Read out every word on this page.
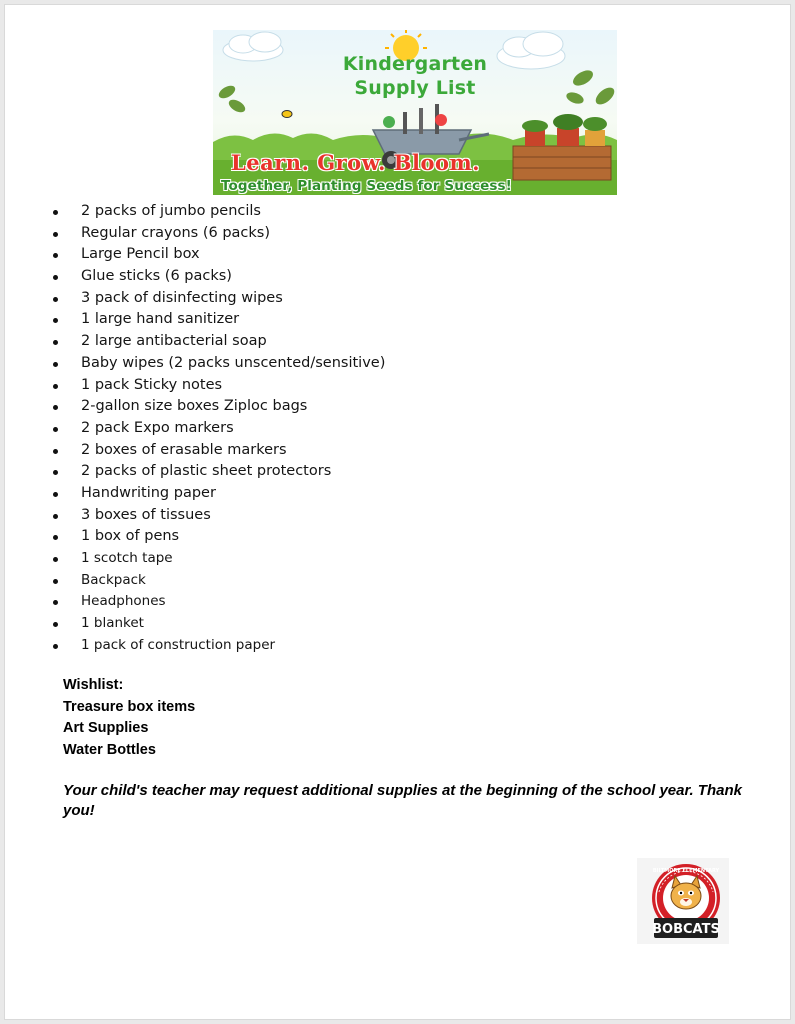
Kindergarten
Supply List
Learn. Grow. Bloom.
Together, Planting Seeds for Success!
2 packs of jumbo pencils
Regular crayons (6 packs)
Large Pencil box
Glue sticks (6 packs)
3 pack of disinfecting wipes
1 large hand sanitizer
2 large antibacterial soap
Baby wipes (2 packs unscented/sensitive)
1 pack Sticky notes
2-gallon size boxes Ziploc bags
2 pack Expo markers
2 boxes of erasable markers
2 packs of plastic sheet protectors
Handwriting paper
3 boxes of tissues
1 box of pens
1 scotch tape
Backpack
Headphones
1 blanket
1 pack of construction paper
Wishlist:
Treasure box items
Art Supplies
Water Bottles
Your child's teacher may request additional supplies at the beginning of the school year. Thank you!
BOBCATS
BILTMORE ELEMENTARY
